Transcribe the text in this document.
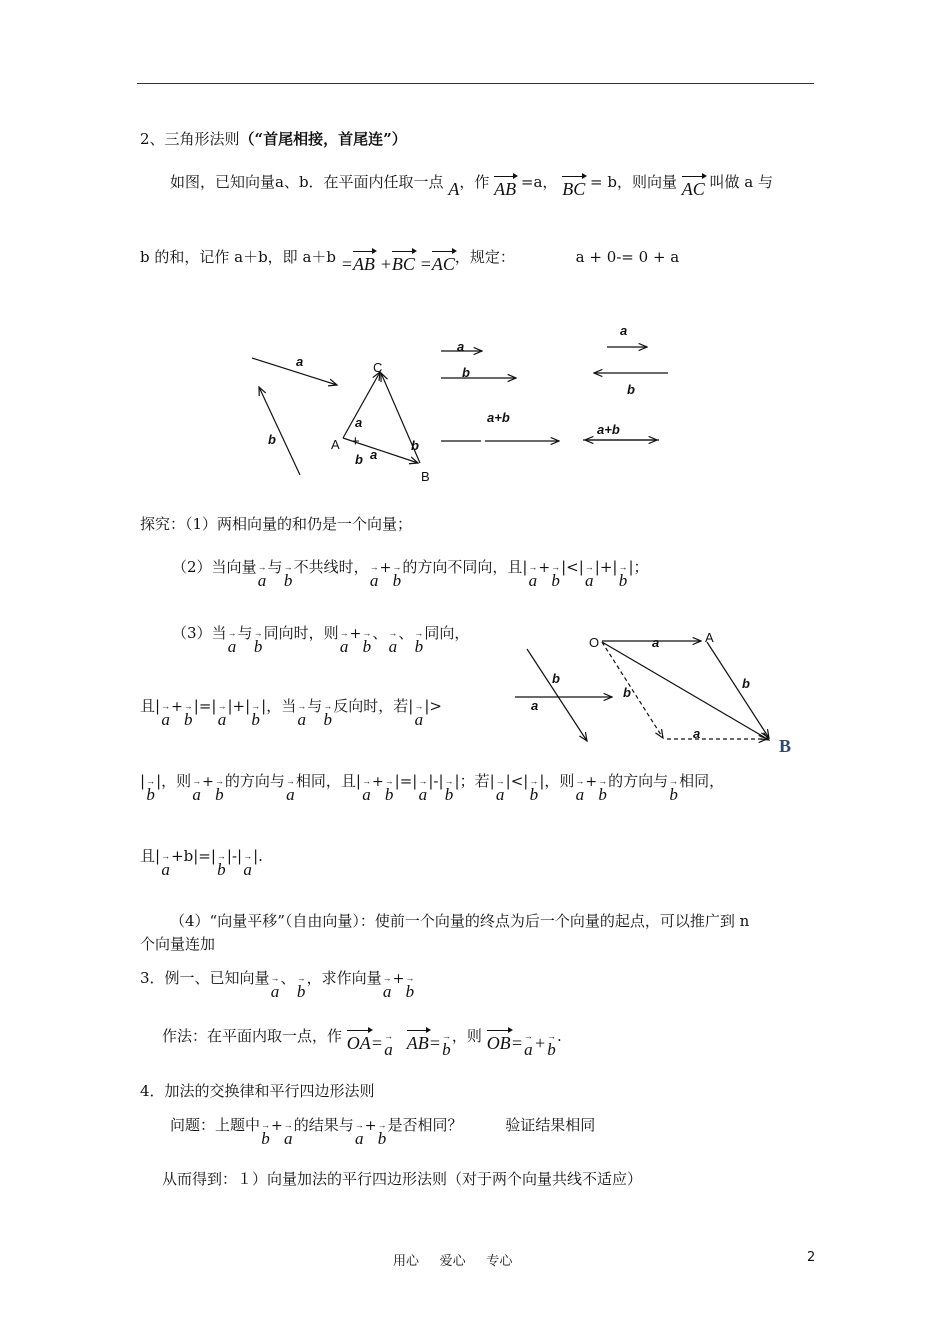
2、三角形法则（“首尾相接，首尾连”）
如图，已知向量a、b．在平面内任取一点 A，作 AB =a， BC = b，则向量 AC 叫做 a 与
b 的和，记作 a＋b，即 a＋b =AB +BC =AC，规定：	a + 0-= 0 + a
a
b
a
b a
b
a
b
a+b
a
b
a+b
C
A
B
+
探究：（1）两相向量的和仍是一个向量；
（2）当向量→ a与→ b不共线时，→ a+→ b的方向不同向，且|→ a+→ b|<|→ a|+|→ b|；
（3）当→ a与→ b同向时，则→ a+→ b、→ a、→ b同向，
且|→ a+→ b|=|→ a|+|→ b|，当→ a与→ b反向时，若|→ a|>
b
a
a
b
b
a
O	A
B
|→ b|，则→ a+→ b的方向与→ a相同，且|→ a+→ b|=|→ a|-|→ b|；若|→ a|<|→ b|，则→ a+→ b的方向与→ b相同，
且|→ a+b|=|→ b|-|→ a|.
（4）“向量平移”（自由向量）：使前一个向量的终点为后一个向量的起点，可以推广到 n
个向量连加
3．例一、已知向量→ a、→ b，求作向量→ a+→ b
作法：在平面内取一点，作 OA=→ a AB=→ b，则 OB=→ a+→ b.
4．加法的交换律和平行四边形法则
问题：上题中→ b+→ a的结果与→ a+→ b是否相同？	验证结果相同
从而得到：１）向量加法的平行四边形法则（对于两个向量共线不适应）
用心     爱心     专心	2
